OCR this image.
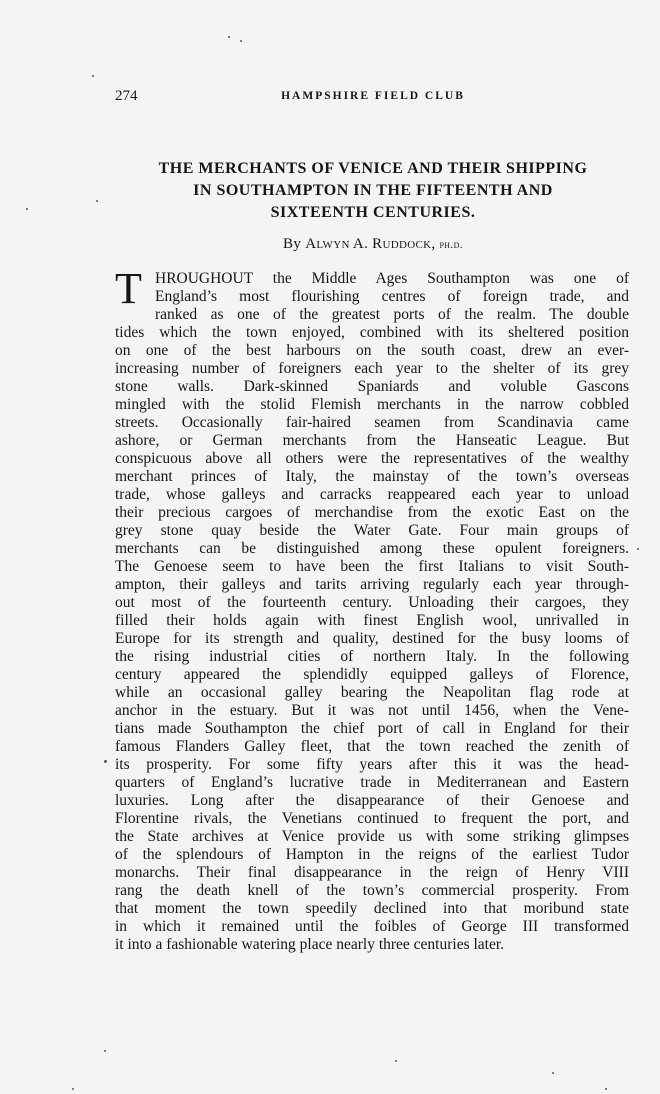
274	HAMPSHIRE FIELD CLUB
THE MERCHANTS OF VENICE AND THEIR SHIPPING
IN SOUTHAMPTON IN THE FIFTEENTH AND
SIXTEENTH CENTURIES.
By Alwyn A. Ruddock, ph.d.
T HROUGHOUT the Middle Ages Southampton was one of
England’s most flourishing centres of foreign trade, and
ranked as one of the greatest ports of the realm. The double
tides which the town enjoyed, combined with its sheltered position
on one of the best harbours on the south coast, drew an ever-
increasing number of foreigners each year to the shelter of its grey
stone walls. Dark-skinned Spaniards and voluble Gascons
mingled with the stolid Flemish merchants in the narrow cobbled
streets. Occasionally fair-haired seamen from Scandinavia came
ashore, or German merchants from the Hanseatic League. But
conspicuous above all others were the representatives of the wealthy
merchant princes of Italy, the mainstay of the town’s overseas
trade, whose galleys and carracks reappeared each year to unload
their precious cargoes of merchandise from the exotic East on the
grey stone quay beside the Water Gate. Four main groups of
merchants can be distinguished among these opulent foreigners.
The Genoese seem to have been the first Italians to visit South-
ampton, their galleys and tarits arriving regularly each year through-
out most of the fourteenth century. Unloading their cargoes, they
filled their holds again with finest English wool, unrivalled in
Europe for its strength and quality, destined for the busy looms of
the rising industrial cities of northern Italy. In the following
century appeared the splendidly equipped galleys of Florence,
while an occasional galley bearing the Neapolitan flag rode at
anchor in the estuary. But it was not until 1456, when the Vene-
tians made Southampton the chief port of call in England for their
famous Flanders Galley fleet, that the town reached the zenith of
its prosperity. For some fifty years after this it was the head-
quarters of England’s lucrative trade in Mediterranean and Eastern
luxuries. Long after the disappearance of their Genoese and
Florentine rivals, the Venetians continued to frequent the port, and
the State archives at Venice provide us with some striking glimpses
of the splendours of Hampton in the reigns of the earliest Tudor
monarchs. Their final disappearance in the reign of Henry VIII
rang the death knell of the town’s commercial prosperity. From
that moment the town speedily declined into that moribund state
in which it remained until the foibles of George III transformed
it into a fashionable watering place nearly three centuries later.
